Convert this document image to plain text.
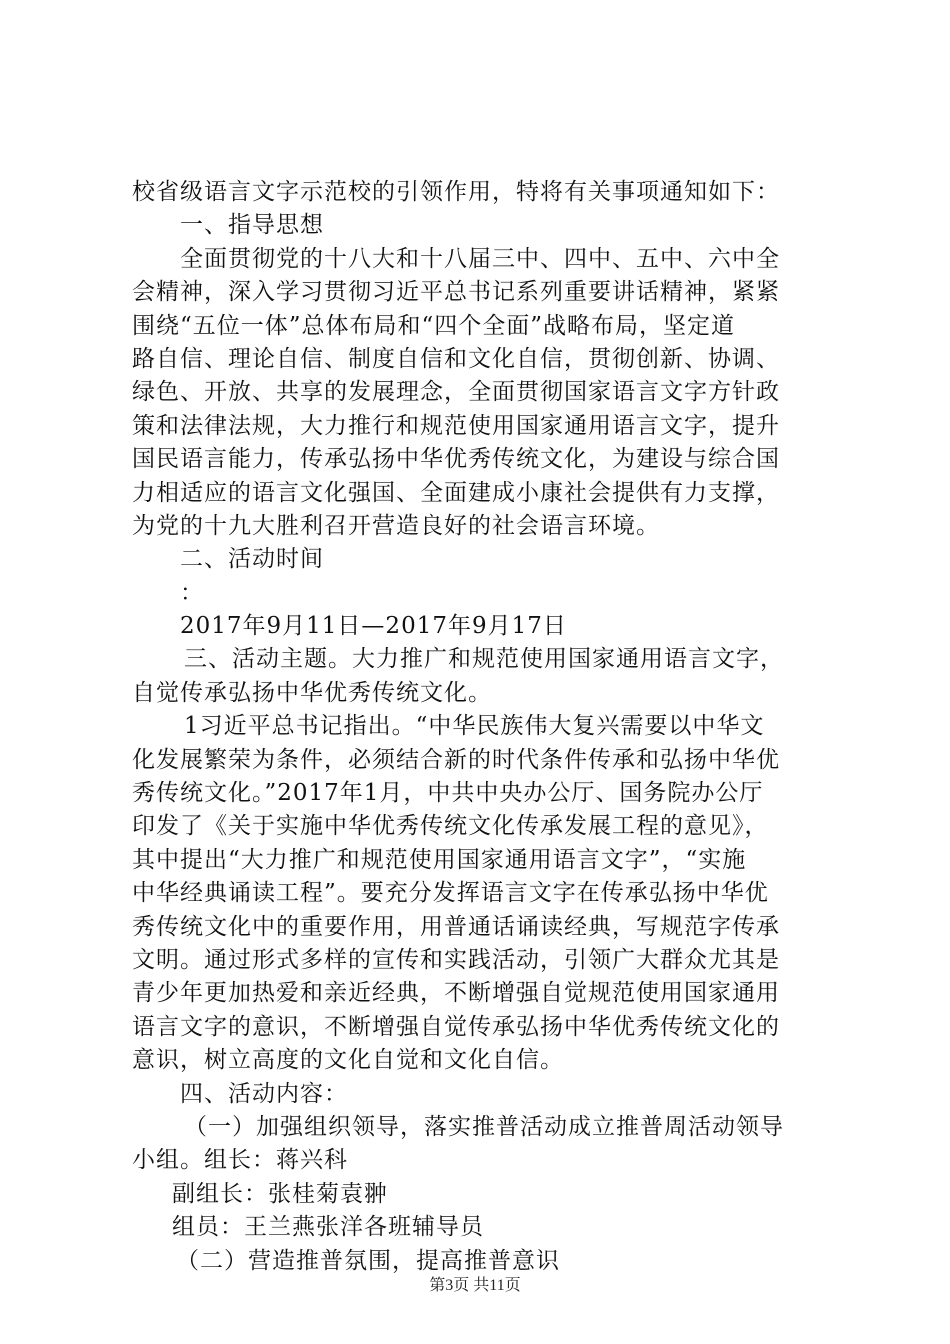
校省级语言文字示范校的引领作用，特将有关事项通知如下：
一、指导思想
全面贯彻党的十八大和十八届三中、四中、五中、六中全
会精神，深入学习贯彻习近平总书记系列重要讲话精神，紧紧
围绕“五位一体”总体布局和“四个全面”战略布局，坚定道
路自信、理论自信、制度自信和文化自信，贯彻创新、协调、
绿色、开放、共享的发展理念，全面贯彻国家语言文字方针政
策和法律法规，大力推行和规范使用国家通用语言文字，提升
国民语言能力，传承弘扬中华优秀传统文化，为建设与综合国
力相适应的语言文化强国、全面建成小康社会提供有力支撑，
为党的十九大胜利召开营造良好的社会语言环境。
二、活动时间
：
2017年9月11日—2017年9月17日
三、活动主题。大力推广和规范使用国家通用语言文字，
自觉传承弘扬中华优秀传统文化。
1习近平总书记指出。“中华民族伟大复兴需要以中华文
化发展繁荣为条件，必须结合新的时代条件传承和弘扬中华优
秀传统文化。”2017年1月，中共中央办公厅、国务院办公厅
印发了《关于实施中华优秀传统文化传承发展工程的意见》，
其中提出“大力推广和规范使用国家通用语言文字”，“实施
中华经典诵读工程”。要充分发挥语言文字在传承弘扬中华优
秀传统文化中的重要作用，用普通话诵读经典，写规范字传承
文明。通过形式多样的宣传和实践活动，引领广大群众尤其是
青少年更加热爱和亲近经典，不断增强自觉规范使用国家通用
语言文字的意识，不断增强自觉传承弘扬中华优秀传统文化的
意识，树立高度的文化自觉和文化自信。
四、活动内容：
（一）加强组织领导，落实推普活动成立推普周活动领导
小组。组长：蒋兴科
副组长：张桂菊袁翀
组员：王兰燕张洋各班辅导员
（二）营造推普氛围，提高推普意识
第3页 共11页
